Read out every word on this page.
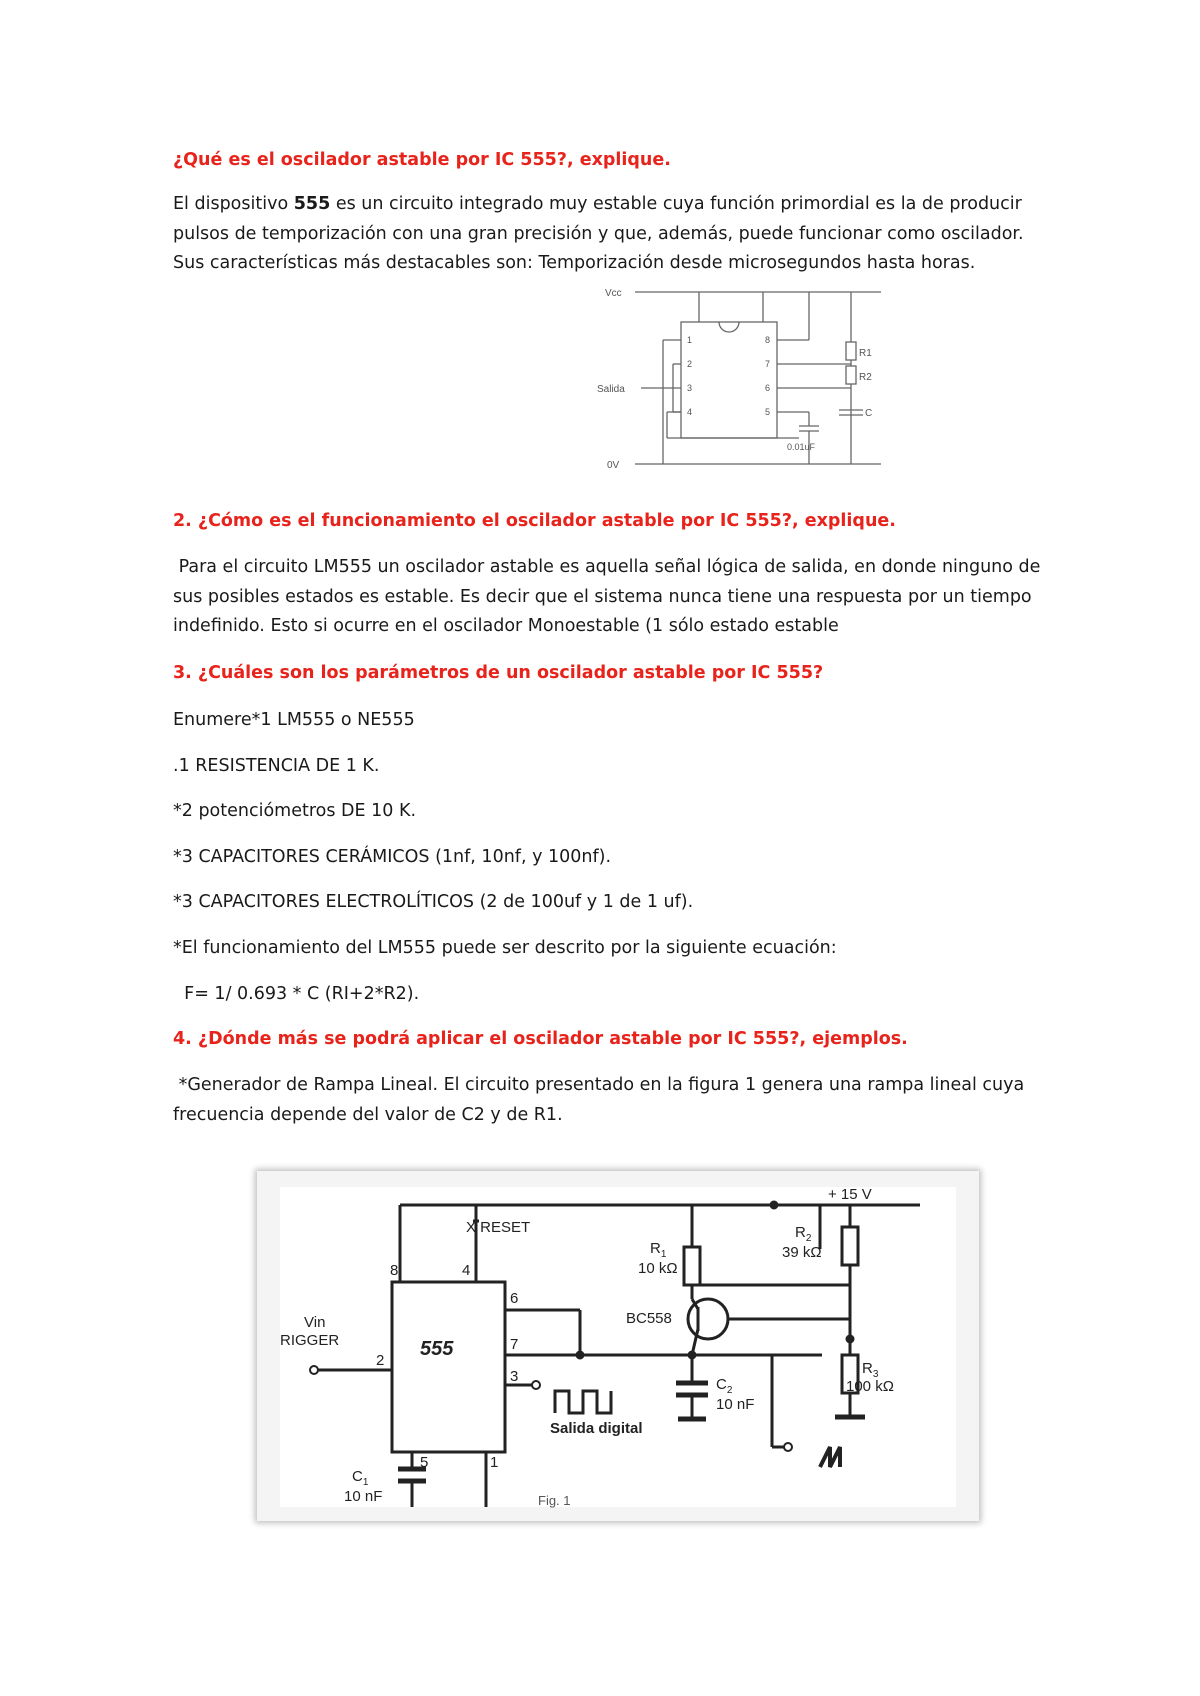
¿Qué es el oscilador astable por IC 555?, explique.

El dispositivo 555 es un circuito integrado muy estable cuya función primordial es la de producir pulsos de temporización con una gran precisión y que, además, puede funcionar como oscilador. Sus características más destacables son: Temporización desde microsegundos hasta horas.

Vcc
Salida
0V
R1
R2
C
0.01uF
1
2
3
4
8
7
6
5

2. ¿Cómo es el funcionamiento el oscilador astable por IC 555?, explique.

Para el circuito LM555 un oscilador astable es aquella señal lógica de salida, en donde ninguno de sus posibles estados es estable. Es decir que el sistema nunca tiene una respuesta por un tiempo indefinido. Esto si ocurre en el oscilador Monoestable (1 sólo estado estable

3. ¿Cuáles son los parámetros de un oscilador astable por IC 555?

Enumere*1 LM555 o NE555

.1 RESISTENCIA DE 1 K.

*2 potenciómetros DE 10 K.

*3 CAPACITORES CERÁMICOS (1nf, 10nf, y 100nf).

*3 CAPACITORES ELECTROLÍTICOS (2 de 100uf y 1 de 1 uf).

*El funcionamiento del LM555 puede ser descrito por la siguiente ecuación:

F= 1/ 0.693 * C (RI+2*R2).

4. ¿Dónde más se podrá aplicar el oscilador astable por IC 555?, ejemplos.

*Generador de Rampa Lineal. El circuito presentado en la figura 1 genera una rampa lineal cuya frecuencia depende del valor de C2 y de R1.

X RESET
+ 15 V
$R_1$
10 kΩ
$R_2$
39 kΩ
$R_3$
100 kΩ
BC558
$C_2$
10 nF
$C_1$
10 nF
Vin
RIGGER	555
8	4
6
7
2
3
5	1
Salida digital
Fig. 1
